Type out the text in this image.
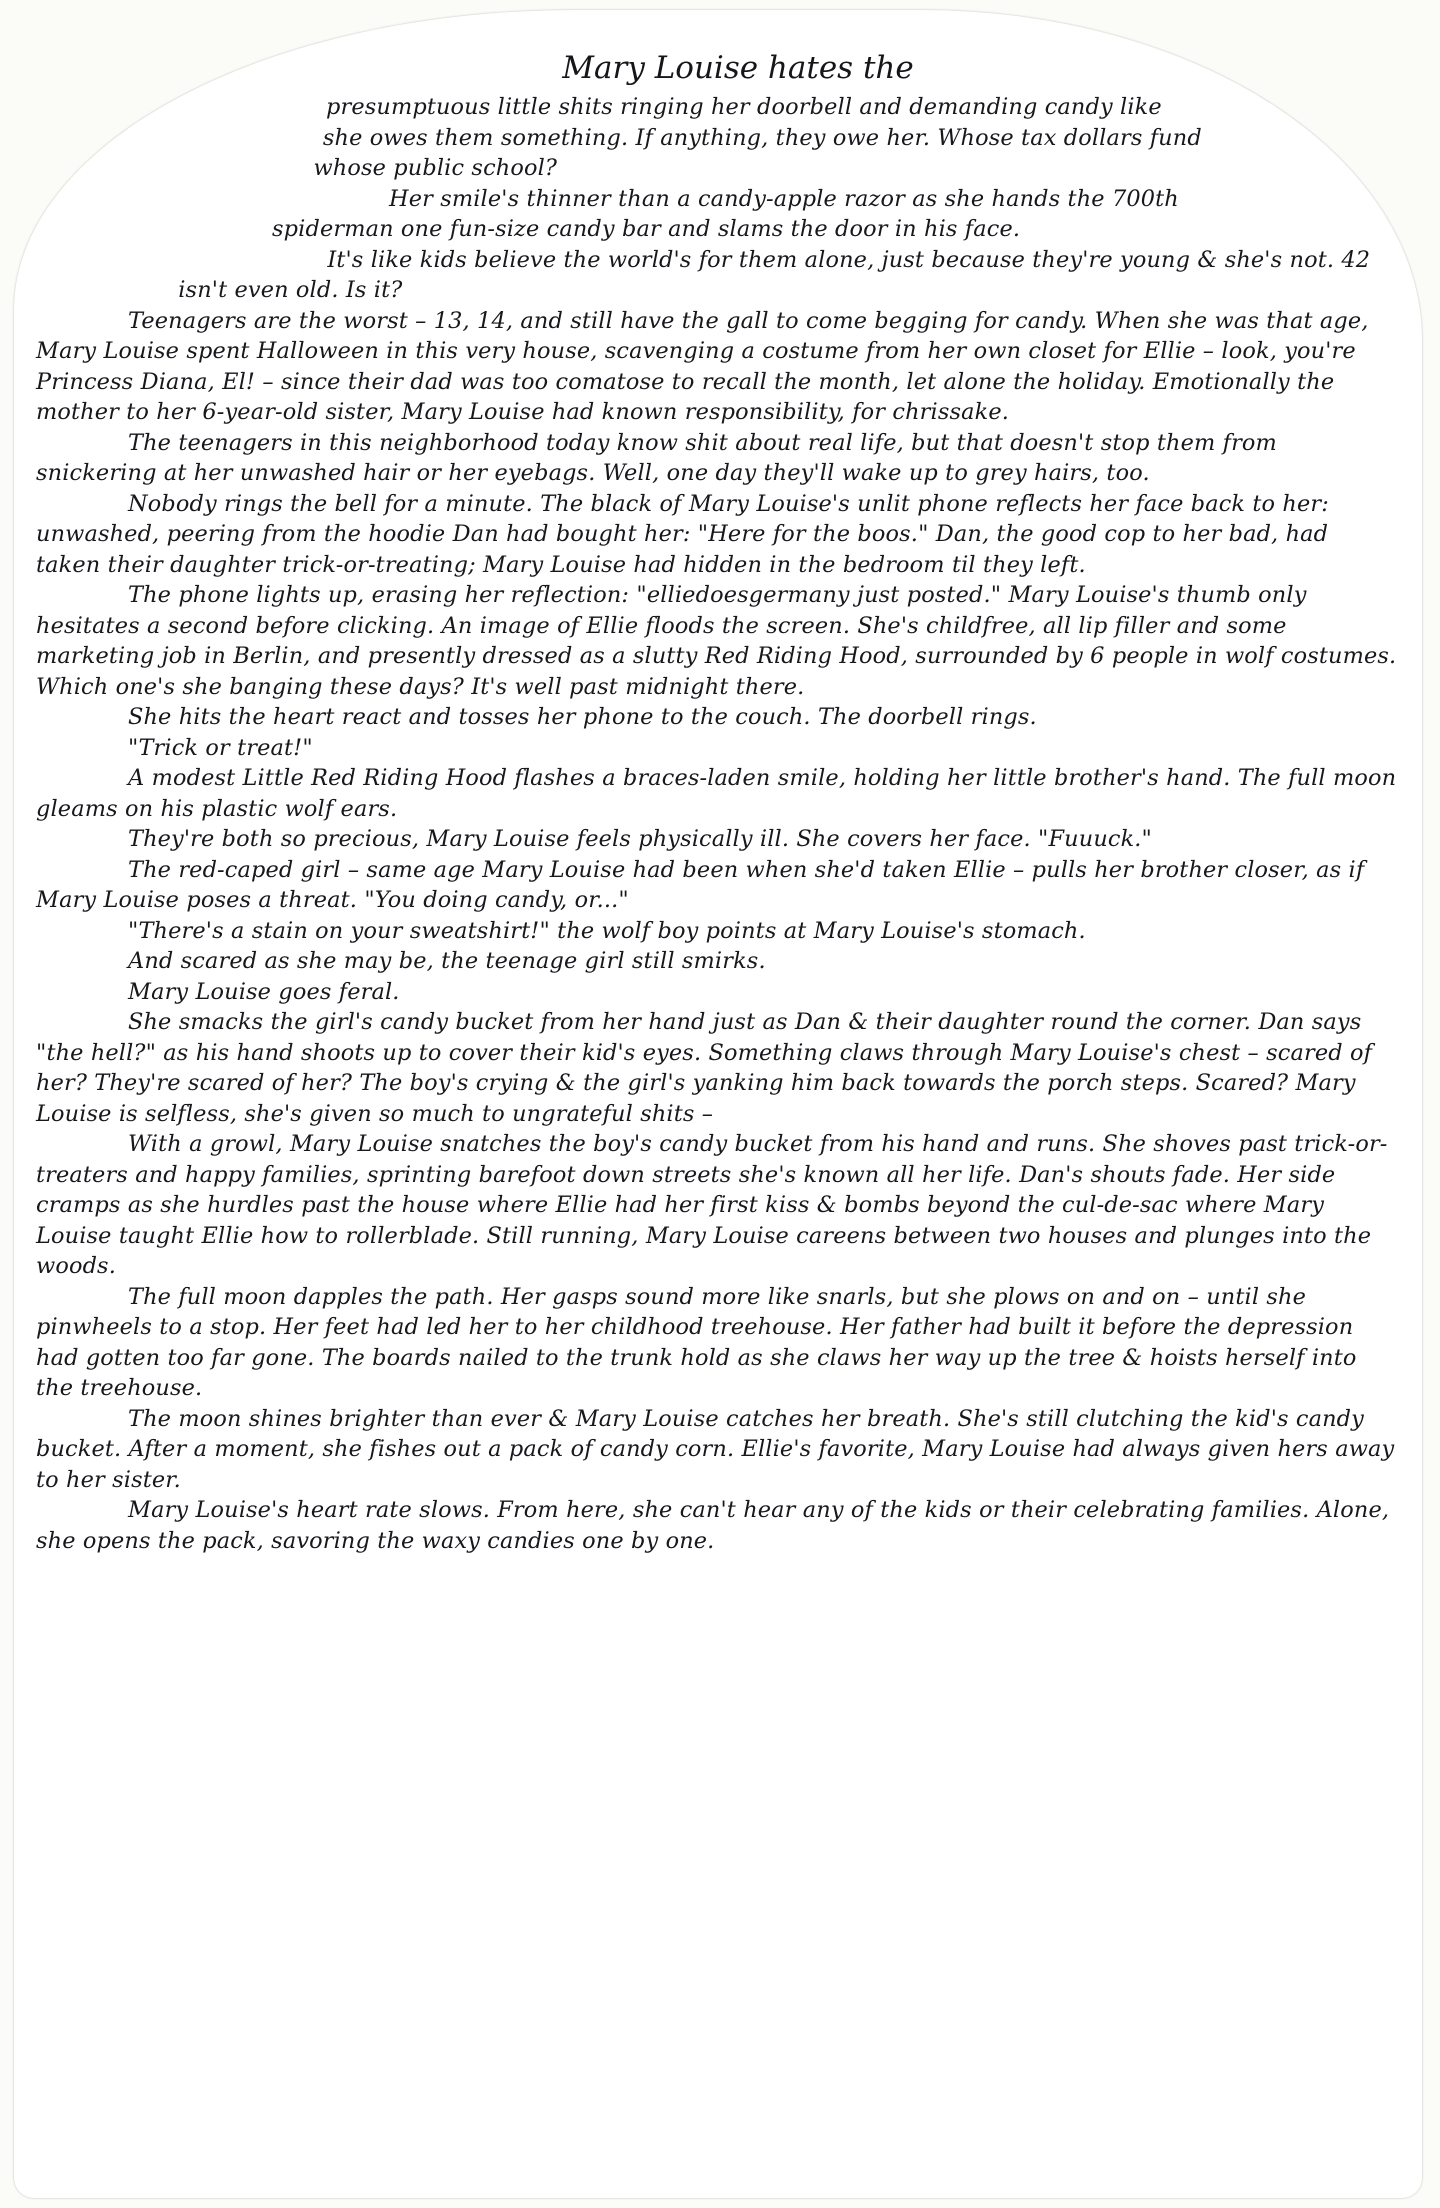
Mary Louise hates the

presumptuous little shits ringing her doorbell and demanding candy like she owes them something. If anything, they owe her. Whose tax dollars fund whose public school?

Her smile's thinner than a candy-apple razor as she hands the 700th spiderman one fun-size candy bar and slams the door in his face.

It's like kids believe the world's for them alone, just because they're young & she's not. 42 isn't even old. Is it?

Teenagers are the worst – 13, 14, and still have the gall to come begging for candy. When she was that age, Mary Louise spent Halloween in this very house, scavenging a costume from her own closet for Ellie – look, you're Princess Diana, El! – since their dad was too comatose to recall the month, let alone the holiday. Emotionally the mother to her 6-year-old sister, Mary Louise had known responsibility, for chrissake.

The teenagers in this neighborhood today know shit about real life, but that doesn't stop them from snickering at her unwashed hair or her eyebags. Well, one day they'll wake up to grey hairs, too.

Nobody rings the bell for a minute. The black of Mary Louise's unlit phone reflects her face back to her: unwashed, peering from the hoodie Dan had bought her: "Here for the boos." Dan, the good cop to her bad, had taken their daughter trick-or-treating; Mary Louise had hidden in the bedroom til they left.

The phone lights up, erasing her reflection: "elliedoesgermany just posted." Mary Louise's thumb only hesitates a second before clicking. An image of Ellie floods the screen. She's childfree, all lip filler and some marketing job in Berlin, and presently dressed as a slutty Red Riding Hood, surrounded by 6 people in wolf costumes. Which one's she banging these days? It's well past midnight there.

She hits the heart react and tosses her phone to the couch. The doorbell rings.

"Trick or treat!"

A modest Little Red Riding Hood flashes a braces-laden smile, holding her little brother's hand. The full moon gleams on his plastic wolf ears.

They're both so precious, Mary Louise feels physically ill. She covers her face. "Fuuuck."

The red-caped girl – same age Mary Louise had been when she'd taken Ellie – pulls her brother closer, as if Mary Louise poses a threat. "You doing candy, or..."

"There's a stain on your sweatshirt!" the wolf boy points at Mary Louise's stomach.

And scared as she may be, the teenage girl still smirks.

Mary Louise goes feral.

She smacks the girl's candy bucket from her hand just as Dan & their daughter round the corner. Dan says "the hell?" as his hand shoots up to cover their kid's eyes. Something claws through Mary Louise's chest – scared of her? They're scared of her? The boy's crying & the girl's yanking him back towards the porch steps. Scared? Mary Louise is selfless, she's given so much to ungrateful shits –

With a growl, Mary Louise snatches the boy's candy bucket from his hand and runs. She shoves past trick-or-treaters and happy families, sprinting barefoot down streets she's known all her life. Dan's shouts fade. Her side cramps as she hurdles past the house where Ellie had her first kiss & bombs beyond the cul-de-sac where Mary Louise taught Ellie how to rollerblade. Still running, Mary Louise careens between two houses and plunges into the woods.

The full moon dapples the path. Her gasps sound more like snarls, but she plows on and on – until she pinwheels to a stop. Her feet had led her to her childhood treehouse. Her father had built it before the depression had gotten too far gone. The boards nailed to the trunk hold as she claws her way up the tree & hoists herself into the treehouse.

The moon shines brighter than ever & Mary Louise catches her breath. She's still clutching the kid's candy bucket. After a moment, she fishes out a pack of candy corn. Ellie's favorite, Mary Louise had always given hers away to her sister.

Mary Louise's heart rate slows. From here, she can't hear any of the kids or their celebrating families. Alone, she opens the pack, savoring the waxy candies one by one.
